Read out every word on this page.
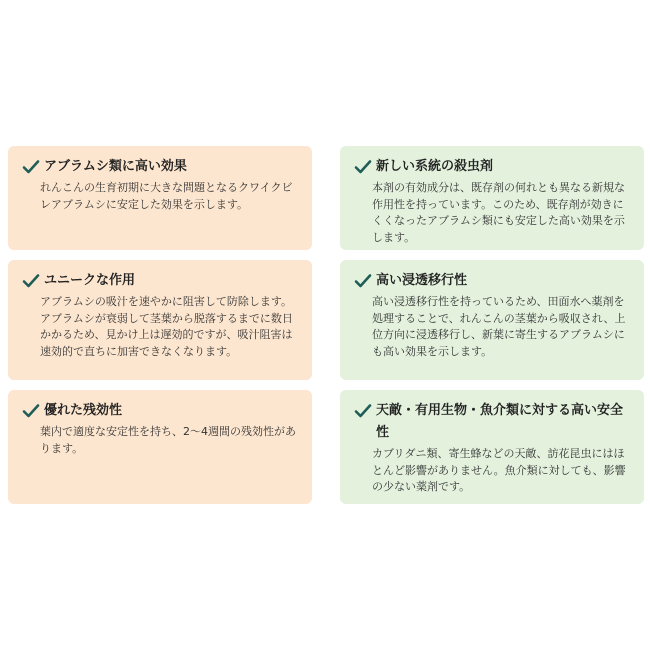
アブラムシ類に高い効果
れんこんの生育初期に大きな問題となるクワイクビレアブラムシに安定した効果を示します。
新しい系統の殺虫剤
本剤の有効成分は、既存剤の何れとも異なる新規な作用性を持っています。このため、既存剤が効きにくくなったアブラムシ類にも安定した高い効果を示します。
ユニークな作用
アブラムシの吸汁を速やかに阻害して防除します。アブラムシが衰弱して茎葉から脱落するまでに数日かかるため、見かけ上は遅効的ですが、吸汁阻害は速効的で直ちに加害できなくなります。
高い浸透移行性
高い浸透移行性を持っているため、田面水へ薬剤を処理することで、れんこんの茎葉から吸収され、上位方向に浸透移行し、新葉に寄生するアブラムシにも高い効果を示します。
優れた残効性
葉内で適度な安定性を持ち、2〜4週間の残効性があります。
天敵・有用生物・魚介類に対する高い安全性
カブリダニ類、寄生蜂などの天敵、訪花昆虫にはほとんど影響がありません。魚介類に対しても、影響の少ない薬剤です。
